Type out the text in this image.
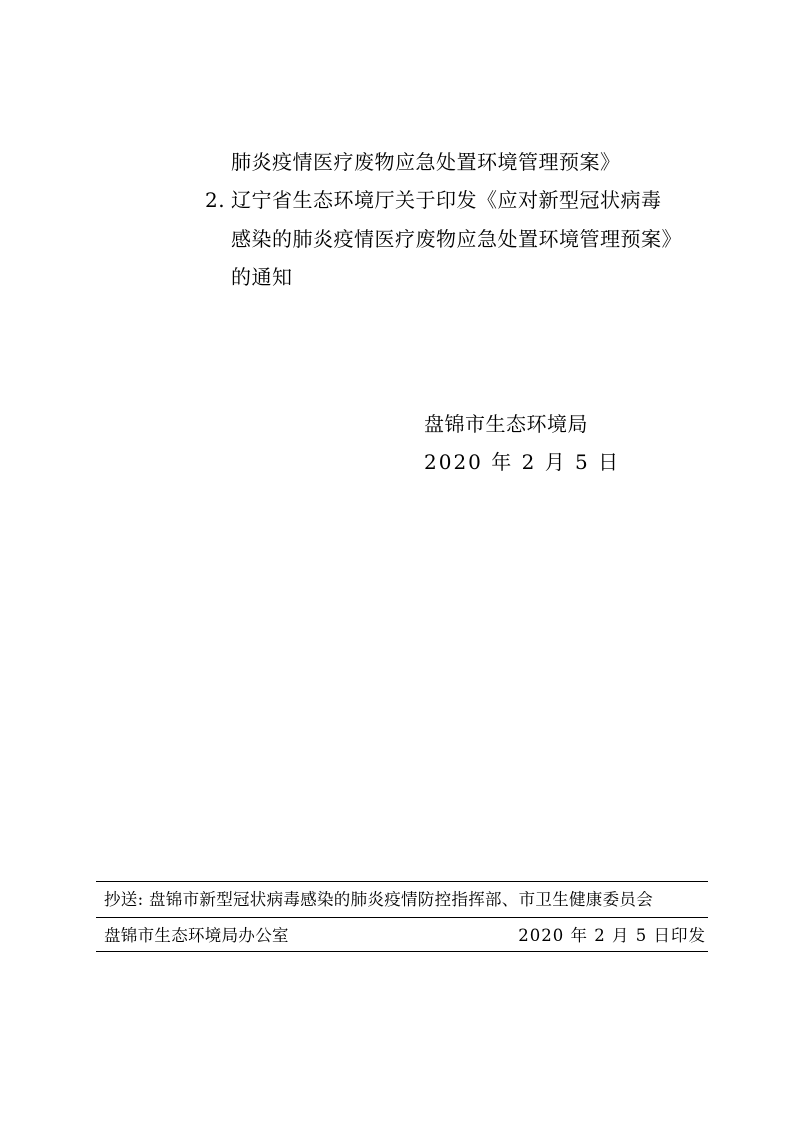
肺炎疫情医疗废物应急处置环境管理预案》
2. 辽宁省生态环境厅关于印发《应对新型冠状病毒
感染的肺炎疫情医疗废物应急处置环境管理预案》
的通知
盘锦市生态环境局
2020 年 2 月 5 日
抄送: 盘锦市新型冠状病毒感染的肺炎疫情防控指挥部、市卫生健康委员会
盘锦市生态环境局办公室	2020 年 2 月 5 日印发
